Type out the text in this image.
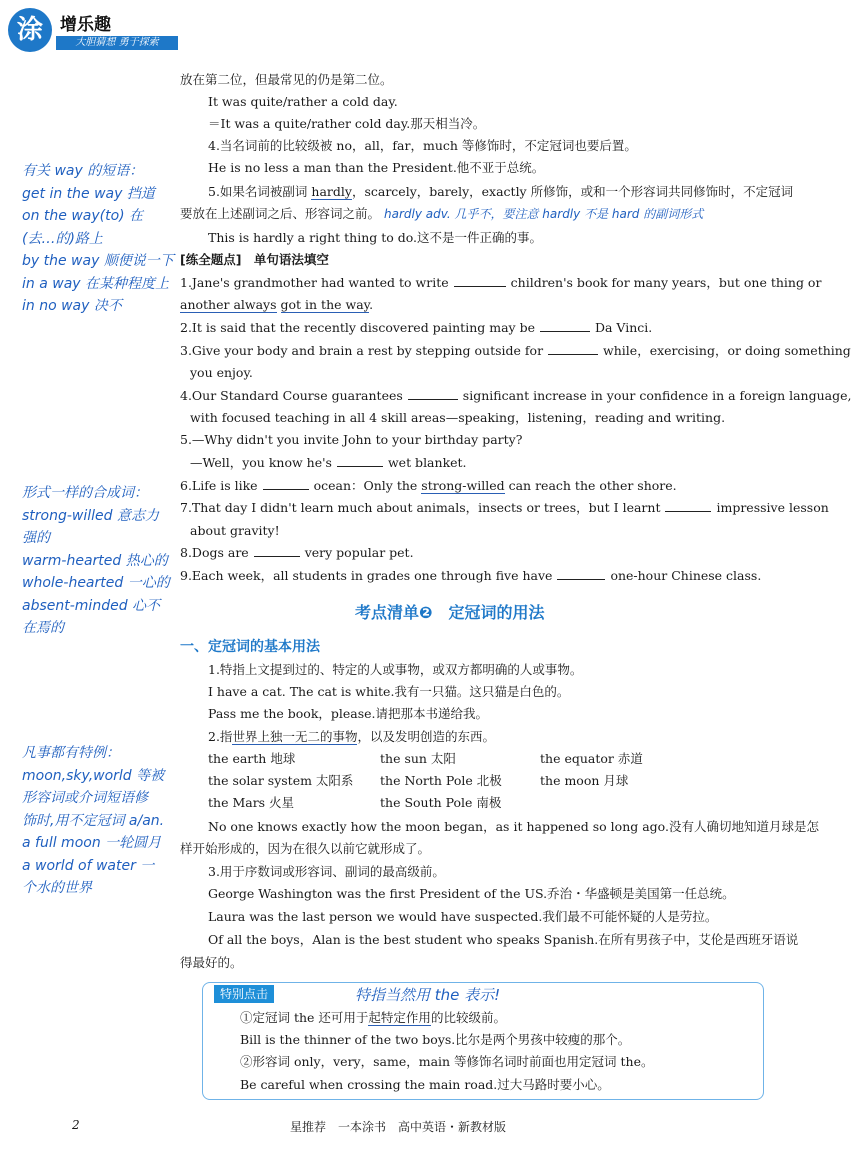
涂	增乐趣
大胆猜想 勇于探索
放在第二位，但最常见的仍是第二位。
It was quite/rather a cold day.
＝It was a quite/rather cold day.那天相当冷。
4.当名词前的比较级被 no，all，far，much 等修饰时，不定冠词也要后置。
He is no less a man than the President.他不亚于总统。
5.如果名词被副词 hardly，scarcely，barely，exactly 所修饰，或和一个形容词共同修饰时，不定冠词
要放在上述副词之后、形容词之前。 hardly adv. 几乎不，要注意 hardly 不是 hard 的副词形式
This is hardly a right thing to do.这不是一件正确的事。
[练全题点]　单句语法填空
1.Jane's grandmother had wanted to write	children's book for many years，but one thing or
another always got in the way.
2.It is said that the recently discovered painting may be	Da Vinci.
3.Give your body and brain a rest by stepping outside for	while，exercising，or doing something
you enjoy.
4.Our Standard Course guarantees	significant increase in your confidence in a foreign language,
with focused teaching in all 4 skill areas—speaking，listening，reading and writing.
5.—Why didn't you invite John to your birthday party?
—Well，you know he's	wet blanket.
6.Life is like	ocean：Only the strong-willed can reach the other shore.
7.That day I didn't learn much about animals，insects or trees，but I learnt	impressive lesson
about gravity!
8.Dogs are	very popular pet.
9.Each week，all students in grades one through five have	one-hour Chinese class.
考点清单❷　定冠词的用法
一、定冠词的基本用法
1.特指上文提到过的、特定的人或事物，或双方都明确的人或事物。
I have a cat. The cat is white.我有一只猫。这只猫是白色的。
Pass me the book，please.请把那本书递给我。
2.指世界上独一无二的事物，以及发明创造的东西。
the earth 地球	the sun 太阳	the equator 赤道
the solar system 太阳系 the North Pole 北极	the moon 月球
the Mars 火星	the South Pole 南极
No one knows exactly how the moon began，as it happened so long ago.没有人确切地知道月球是怎
样开始形成的，因为在很久以前它就形成了。
3.用于序数词或形容词、副词的最高级前。
George Washington was the first President of the US.乔治・华盛顿是美国第一任总统。
Laura was the last person we would have suspected.我们最不可能怀疑的人是劳拉。
Of all the boys，Alan is the best student who speaks Spanish.在所有男孩子中，艾伦是西班牙语说
得最好的。
特别点击	特指当然用 the 表示!
①定冠词 the 还可用于起特定作用的比较级前。
Bill is the thinner of the two boys.比尔是两个男孩中较瘦的那个。
②形容词 only，very，same，main 等修饰名词时前面也用定冠词 the。
Be careful when crossing the main road.过大马路时要小心。
有关 way 的短语：
get in the way 挡道
on the way(to) 在
(去…的)路上
by the way 顺便说一下
in a way 在某种程度上
in no way 决不
形式一样的合成词：
strong-willed 意志力
强的
warm-hearted 热心的
whole-hearted 一心的
absent-minded 心不
在焉的
凡事都有特例：
moon,sky,world 等被
形容词或介词短语修
饰时,用不定冠词 a/an.
a full moon 一轮圆月
a world of water 一
个水的世界
2	星推荐　一本涂书　高中英语・新教材版
